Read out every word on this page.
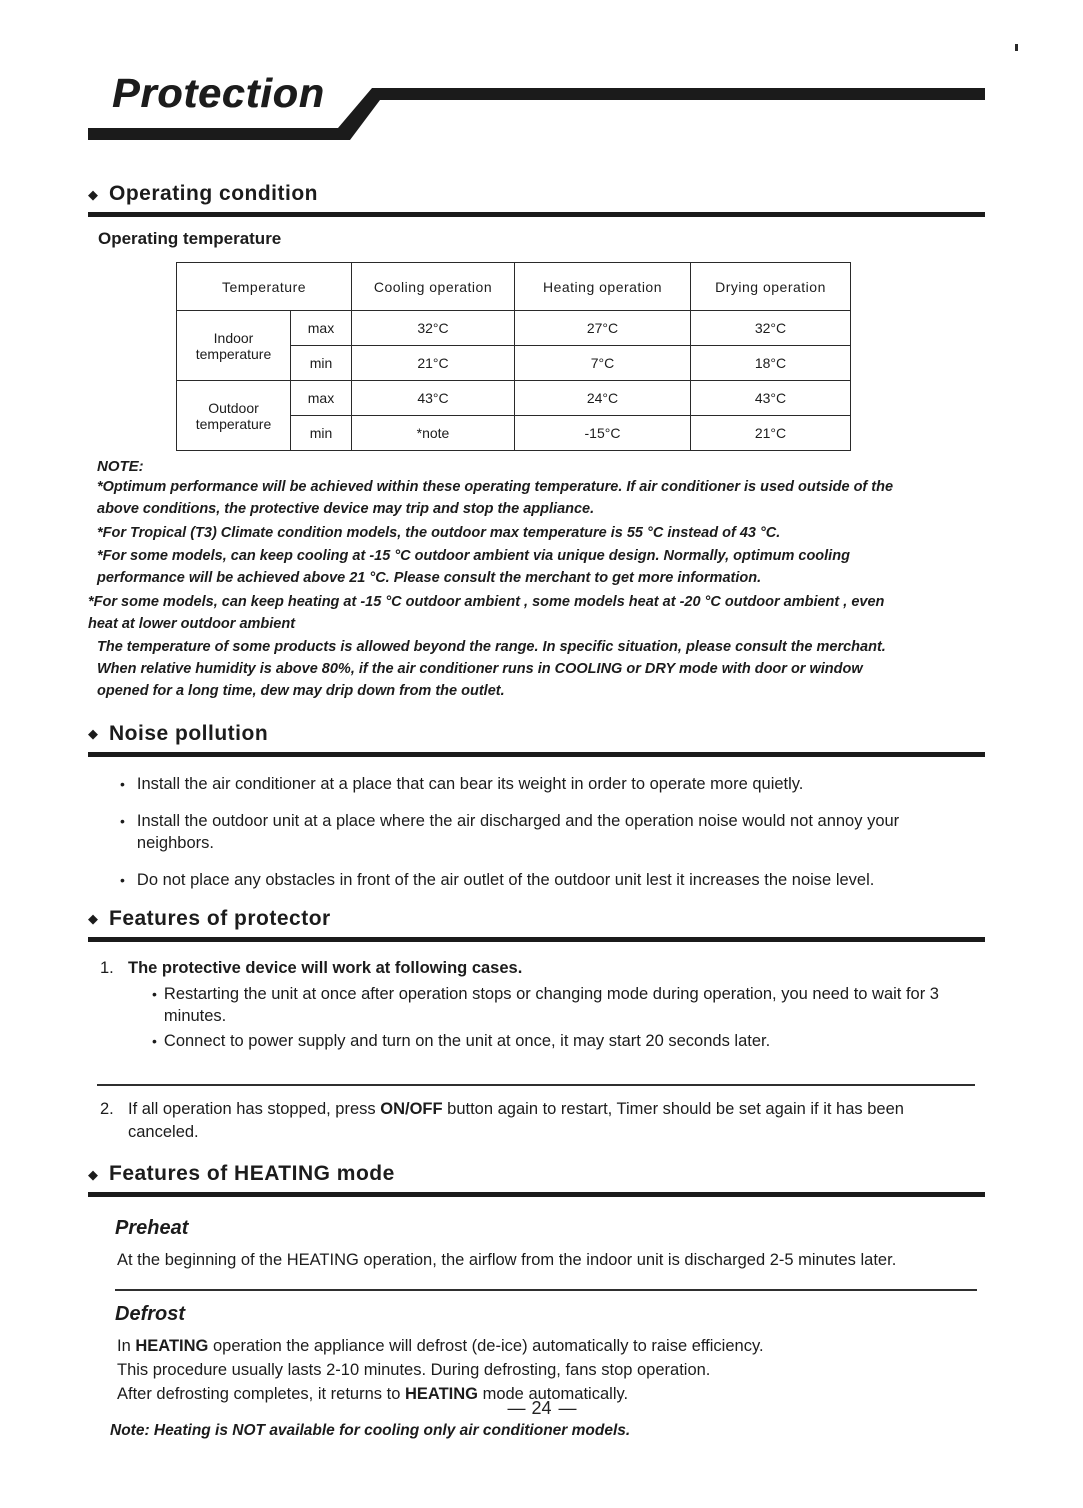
Protection
◆ Operating condition
Operating temperature
Temperature		Cooling operation	Heating operation	Drying operation
Indoor temperature	max	32°C	27°C	32°C
	min	21°C	7°C	18°C
Outdoor temperature	max	43°C	24°C	43°C
	min	*note	-15°C	21°C
NOTE:
*Optimum performance will be achieved within these operating temperature. If air conditioner is used outside of the above conditions, the protective device may trip and stop the appliance.
*For Tropical (T3) Climate condition models, the outdoor max temperature is 55 °C instead of 43 °C.
*For some models, can keep cooling at -15 °C outdoor ambient via unique design. Normally, optimum cooling performance will be achieved above 21 °C. Please consult the merchant to get more information.
*For some models, can keep heating at -15 °C outdoor ambient , some models heat at -20 °C outdoor ambient , even heat at lower outdoor ambient
The temperature of some products is allowed beyond the range. In specific situation, please consult the merchant. When relative humidity is above 80%, if the air conditioner runs in COOLING or DRY mode with door or window opened for a long time, dew may drip down from the outlet.
◆ Noise pollution
• Install the air conditioner at a place that can bear its weight in order to operate more quietly.
• Install the outdoor unit at a place where the air discharged and the operation noise would not annoy your neighbors.
• Do not place any obstacles in front of the air outlet of the outdoor unit lest it increases the noise level.
◆ Features of protector
1. The protective device will work at following cases.
• Restarting the unit at once after operation stops or changing mode during operation, you need to wait for 3 minutes.
• Connect to power supply and turn on the unit at once, it may start 20 seconds later.
2. If all operation has stopped, press ON/OFF button again to restart, Timer should be set again if it has been canceled.
◆ Features of HEATING mode
Preheat
At the beginning of the HEATING operation, the airflow from the indoor unit is discharged 2-5 minutes later.
Defrost
In HEATING operation the appliance will defrost (de-ice) automatically to raise efficiency.
This procedure usually lasts 2-10 minutes. During defrosting, fans stop operation.
After defrosting completes, it returns to HEATING mode automatically.
Note: Heating is NOT available for cooling only air conditioner models.
— 24 —
